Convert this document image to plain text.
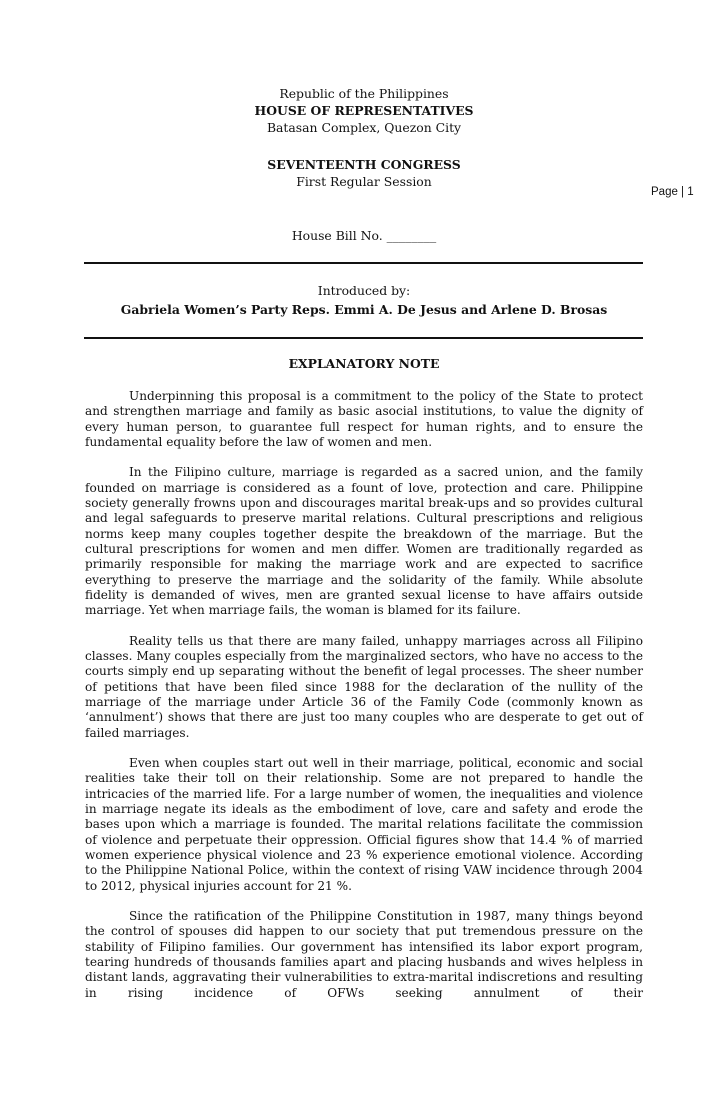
Republic of the Philippines
HOUSE OF REPRESENTATIVES
Batasan Complex, Quezon City
SEVENTEENTH CONGRESS
First Regular Session
Page | 1
House Bill No. ________
Introduced by:
Gabriela Women’s Party Reps. Emmi A. De Jesus and Arlene D. Brosas
EXPLANATORY NOTE

Underpinning this proposal is a commitment to the policy of the State to protect and strengthen marriage and family as basic asocial institutions, to value the dignity of every human person, to guarantee full respect for human rights, and to ensure the fundamental equality before the law of women and men.

In the Filipino culture, marriage is regarded as a sacred union, and the family founded on marriage is considered as a fount of love, protection and care. Philippine society generally frowns upon and discourages marital break-ups and so provides cultural and legal safeguards to preserve marital relations. Cultural prescriptions and religious norms keep many couples together despite the breakdown of the marriage. But the cultural prescriptions for women and men differ. Women are traditionally regarded as primarily responsible for making the marriage work and are expected to sacrifice everything to preserve the marriage and the solidarity of the family. While absolute fidelity is demanded of wives, men are granted sexual license to have affairs outside marriage. Yet when marriage fails, the woman is blamed for its failure.

Reality tells us that there are many failed, unhappy marriages across all Filipino classes. Many couples especially from the marginalized sectors, who have no access to the courts simply end up separating without the benefit of legal processes. The sheer number of petitions that have been filed since 1988 for the declaration of the nullity of the marriage of the marriage under Article 36 of the Family Code (commonly known as ‘annulment’) shows that there are just too many couples who are desperate to get out of failed marriages.

Even when couples start out well in their marriage, political, economic and social realities take their toll on their relationship. Some are not prepared to handle the intricacies of the married life. For a large number of women, the inequalities and violence in marriage negate its ideals as the embodiment of love, care and safety and erode the bases upon which a marriage is founded. The marital relations facilitate the commission of violence and perpetuate their oppression. Official figures show that 14.4 % of married women experience physical violence and 23 % experience emotional violence. According to the Philippine National Police, within the context of rising VAW incidence through 2004 to 2012, physical injuries account for 21 %.

Since the ratification of the Philippine Constitution in 1987, many things beyond the control of spouses did happen to our society that put tremendous pressure on the stability of Filipino families. Our government has intensified its labor export program, tearing hundreds of thousands families apart and placing husbands and wives helpless in distant lands, aggravating their vulnerabilities to extra-marital indiscretions and resulting in rising incidence of OFWs seeking annulment of their
